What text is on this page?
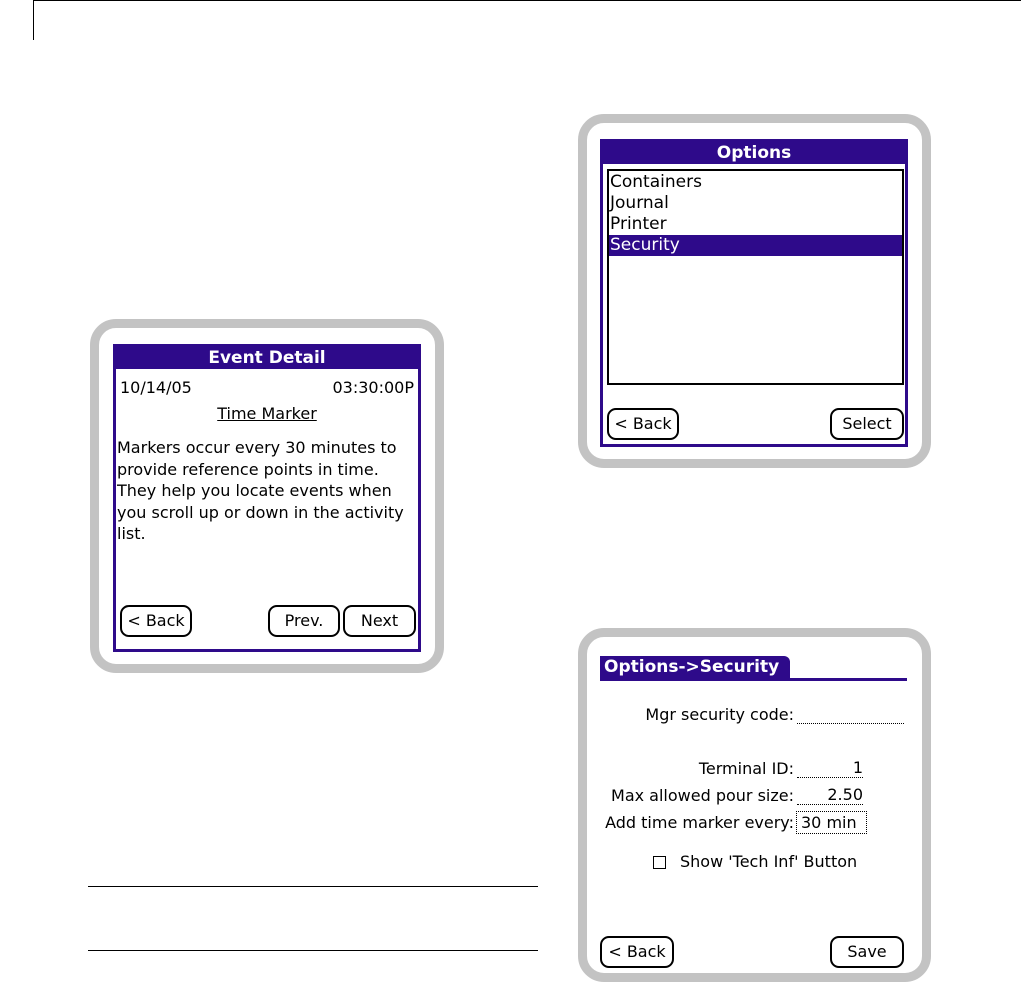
Event Detail
10/14/05	03:30:00P
Time Marker
Markers occur every 30 minutes to
provide reference points in time.
They help you locate events when
you scroll up or down in the activity
list.
< Back	Prev.	Next
Options
Containers
Journal
Printer
Security
< Back	Select
Options->Security
Mgr security code:
Terminal ID:	1
Max allowed pour size:	2.50
Add time marker every: 30 min
Show 'Tech Inf' Button
< Back	Save
